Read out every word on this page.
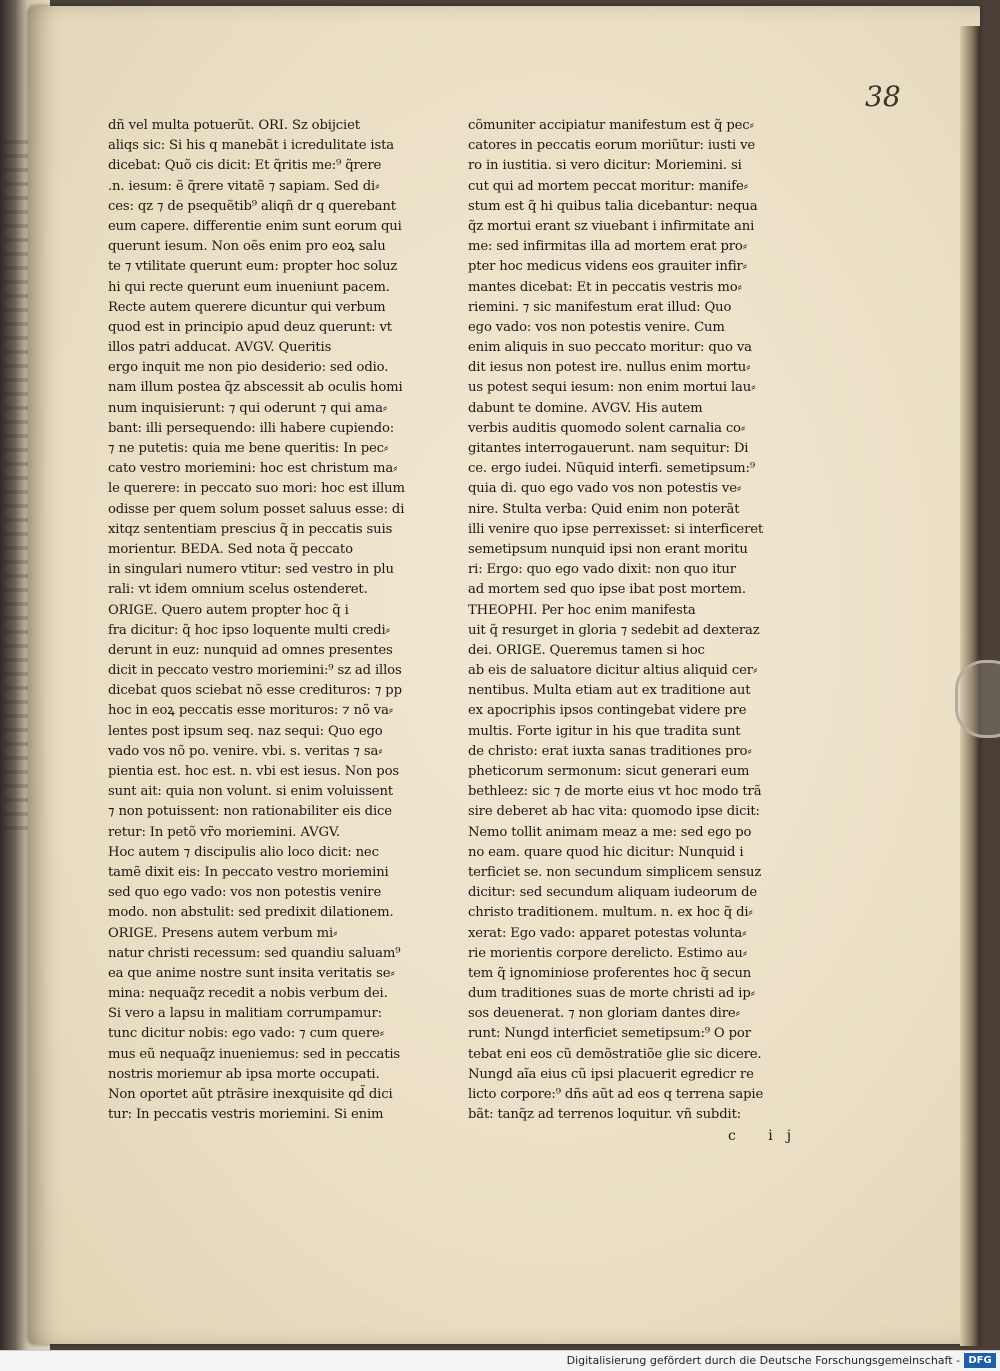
38
dñ vel multa potuerũt. ORI. Sz obijciet
aliqs sic: Si his q manebãt i icredulitate ista
dicebat: Quõ cis dicit: Et q̃ritis me:⁹ q̃rere
.n. iesum: ẽ q̃rere vitatẽ ⁊ sapiam. Sed di⸗
ces: qz ⁊ de psequẽtib⁹ aliqñ dr q querebant
eum capere. differentie enim sunt eorum qui
querunt iesum. Non oẽs enim pro eoꝝ salu
te ⁊ vtilitate querunt eum: propter hoc soluz
hi qui recte querunt eum inueniunt pacem.
Recte autem querere dicuntur qui verbum
quod est in principio apud deuz querunt: vt
illos patri adducat. AVGV. Queritis
ergo inquit me non pio desiderio: sed odio.
nam illum postea q̃z abscessit ab oculis homi
num inquisierunt: ⁊ qui oderunt ⁊ qui ama⸗
bant: illi persequendo: illi habere cupiendo:
⁊ ne putetis: quia me bene queritis: In pec⸗
cato vestro moriemini: hoc est christum ma⸗
le querere: in peccato suo mori: hoc est illum
odisse per quem solum posset saluus esse: di
xitqz sententiam prescius q̃ in peccatis suis
morientur. BEDA. Sed nota q̃ peccato
in singulari numero vtitur: sed vestro in plu
rali: vt idem omnium scelus ostenderet.
ORIGE. Quero autem propter hoc q̃ i
fra dicitur: q̃ hoc ipso loquente multi credi⸗
derunt in euz: nunquid ad omnes presentes
dicit in peccato vestro moriemini:⁹ sz ad illos
dicebat quos sciebat nõ esse credituros: ⁊ pp
hoc in eoꝝ peccatis esse morituros: ⁊ nõ va⸗
lentes post ipsum seq. naz sequi: Quo ego
vado vos nõ po. venire. vbi. s. veritas ⁊ sa⸗
pientia est. hoc est. n. vbi est iesus. Non pos
sunt ait: quia non volunt. si enim voluissent
⁊ non potuissent: non rationabiliter eis dice
retur: In petõ vr̃o moriemini. AVGV.
Hoc autem ⁊ discipulis alio loco dicit: nec
tamẽ dixit eis: In peccato vestro moriemini
sed quo ego vado: vos non potestis venire
modo. non abstulit: sed predixit dilationem.
ORIGE. Presens autem verbum mi⸗
natur christi recessum: sed quandiu saluam⁹
ea que anime nostre sunt insita veritatis se⸗
mina: nequaq̃z recedit a nobis verbum dei.
Si vero a lapsu in malitiam corrumpamur:
tunc dicitur nobis: ego vado: ⁊ cum quere⸗
mus eũ nequaq̃z inueniemus: sed in peccatis
nostris moriemur ab ipsa morte occupati.
Non oportet aũt ptrãsire inexquisite qd̃ dici
tur: In peccatis vestris moriemini. Si enim
cõmuniter accipiatur manifestum est q̃ pec⸗
catores in peccatis eorum moriũtur: iusti ve
ro in iustitia. si vero dicitur: Moriemini. si
cut qui ad mortem peccat moritur: manife⸗
stum est q̃ hi quibus talia dicebantur: nequa
q̃z mortui erant sz viuebant i infirmitate ani
me: sed infirmitas illa ad mortem erat pro⸗
pter hoc medicus videns eos grauiter infir⸗
mantes dicebat: Et in peccatis vestris mo⸗
riemini. ⁊ sic manifestum erat illud: Quo
ego vado: vos non potestis venire. Cum
enim aliquis in suo peccato moritur: quo va
dit iesus non potest ire. nullus enim mortu⸗
us potest sequi iesum: non enim mortui lau⸗
dabunt te domine. AVGV. His autem
verbis auditis quomodo solent carnalia co⸗
gitantes interrogauerunt. nam sequitur: Di
ce. ergo iudei. Nũquid interfi. semetipsum:⁹
quia di. quo ego vado vos non potestis ve⸗
nire. Stulta verba: Quid enim non poterãt
illi venire quo ipse perrexisset: si interficeret
semetipsum nunquid ipsi non erant moritu
ri: Ergo: quo ego vado dixit: non quo itur
ad mortem sed quo ipse ibat post mortem.
THEOPHI. Per hoc enim manifesta
uit q̃ resurget in gloria ⁊ sedebit ad dexteraz
dei. ORIGE. Queremus tamen si hoc
ab eis de saluatore dicitur altius aliquid cer⸗
nentibus. Multa etiam aut ex traditione aut
ex apocriphis ipsos contingebat videre pre
multis. Forte igitur in his que tradita sunt
de christo: erat iuxta sanas traditiones pro⸗
pheticorum sermonum: sicut generari eum
bethleez: sic ⁊ de morte eius vt hoc modo trã
sire deberet ab hac vita: quomodo ipse dicit:
Nemo tollit animam meaz a me: sed ego po
no eam. quare quod hic dicitur: Nunquid i
terficiet se. non secundum simplicem sensuz
dicitur: sed secundum aliquam iudeorum de
christo traditionem. multum. n. ex hoc q̃ di⸗
xerat: Ego vado: apparet potestas volunta⸗
rie morientis corpore derelicto. Estimo au⸗
tem q̃ ignominiose proferentes hoc q̃ secun
dum traditiones suas de morte christi ad ip⸗
sos deuenerat. ⁊ non gloriam dantes dire⸗
runt: Nungd interficiet semetipsum:⁹ O por
tebat eni eos cũ demõstratiõe glie sic dicere.
Nungd aĩa eius cũ ipsi placuerit egredicr re
licto corpore:⁹ dñs aũt ad eos q terrena sapie
bãt: tanq̃z ad terrenos loquitur. vñ subdit:
c ij
Digitalisierung gefördert durch die Deutsche Forschungsgemeinschaft - DFG
